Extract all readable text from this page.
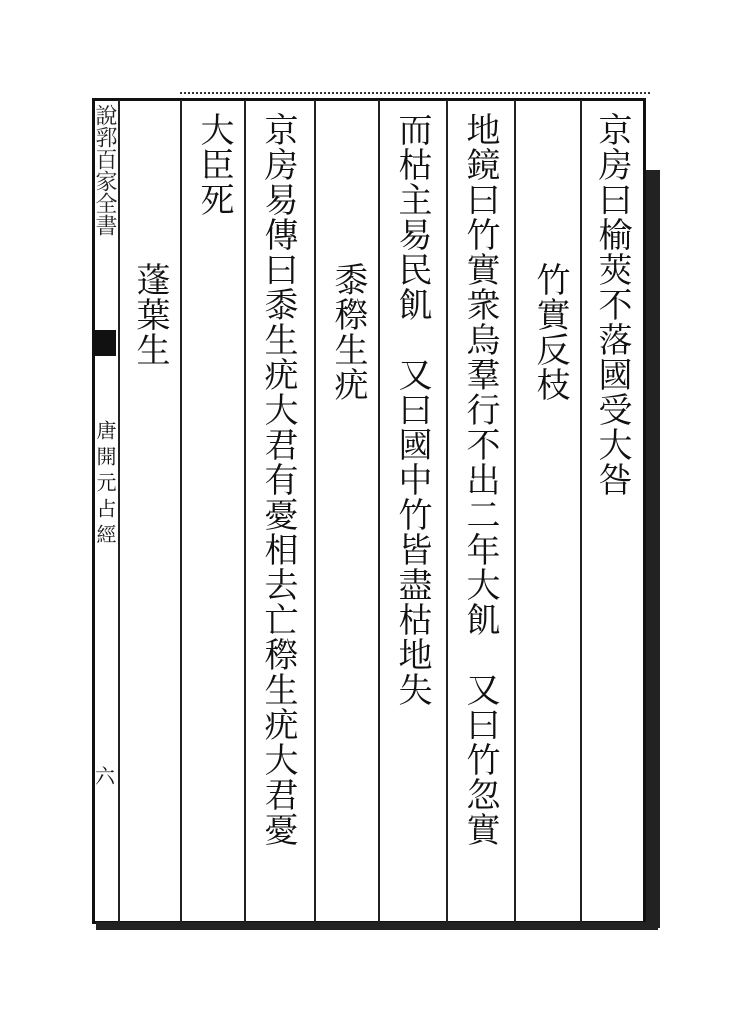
說郛百家全書
唐開元占經
六
京房曰榆莢不落國受大咎
竹實反枝
地鏡曰竹實衆烏羣行不出二年大飢　又曰竹忽實
而枯主易民飢　又曰國中竹皆盡枯地失
黍穄生疣
京房易傳曰黍生疣大君有憂相去亡穄生疣大君憂
大臣死
蓬葉生
